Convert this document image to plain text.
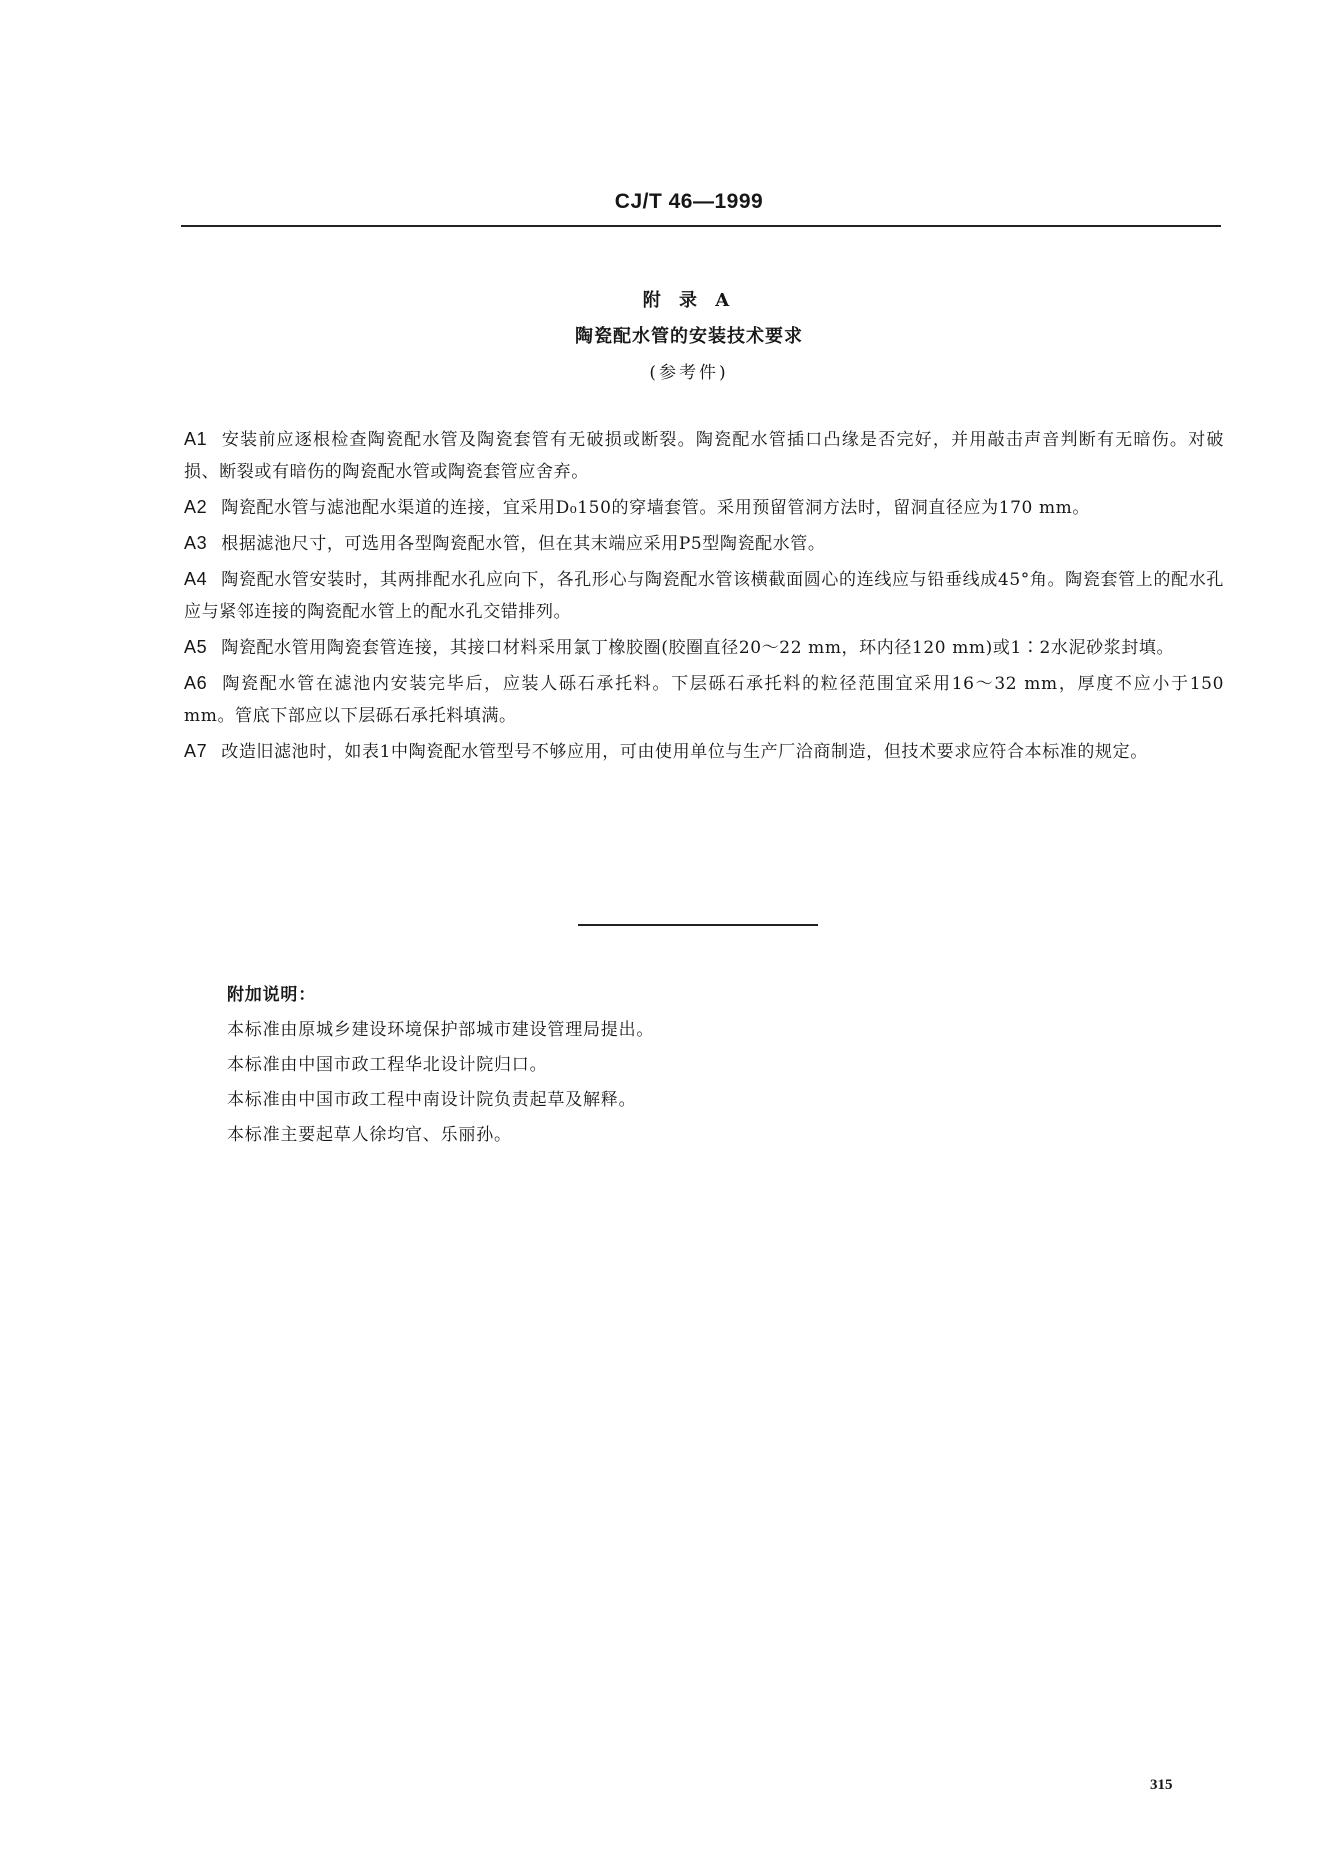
CJ/T 46—1999
附 录 A
陶瓷配水管的安装技术要求
(参考件)

A1 安装前应逐根检查陶瓷配水管及陶瓷套管有无破损或断裂。陶瓷配水管插口凸缘是否完好，并用敲击声音判断有无暗伤。对破损、断裂或有暗伤的陶瓷配水管或陶瓷套管应舍弃。

A2 陶瓷配水管与滤池配水渠道的连接，宜采用D₀150的穿墙套管。采用预留管洞方法时，留洞直径应为170 mm。

A3 根据滤池尺寸，可选用各型陶瓷配水管，但在其末端应采用P5型陶瓷配水管。

A4 陶瓷配水管安装时，其两排配水孔应向下，各孔形心与陶瓷配水管该横截面圆心的连线应与铅垂线成45°角。陶瓷套管上的配水孔应与紧邻连接的陶瓷配水管上的配水孔交错排列。

A5 陶瓷配水管用陶瓷套管连接，其接口材料采用氯丁橡胶圈(胶圈直径20～22 mm，环内径120 mm)或1∶2水泥砂浆封填。

A6 陶瓷配水管在滤池内安装完毕后，应装人砾石承托料。下层砾石承托料的粒径范围宜采用16～32 mm，厚度不应小于150 mm。管底下部应以下层砾石承托料填满。

A7 改造旧滤池时，如表1中陶瓷配水管型号不够应用，可由使用单位与生产厂洽商制造，但技术要求应符合本标准的规定。

附加说明：
本标准由原城乡建设环境保护部城市建设管理局提出。
本标准由中国市政工程华北设计院归口。
本标准由中国市政工程中南设计院负责起草及解释。
本标准主要起草人徐均官、乐丽孙。
315
